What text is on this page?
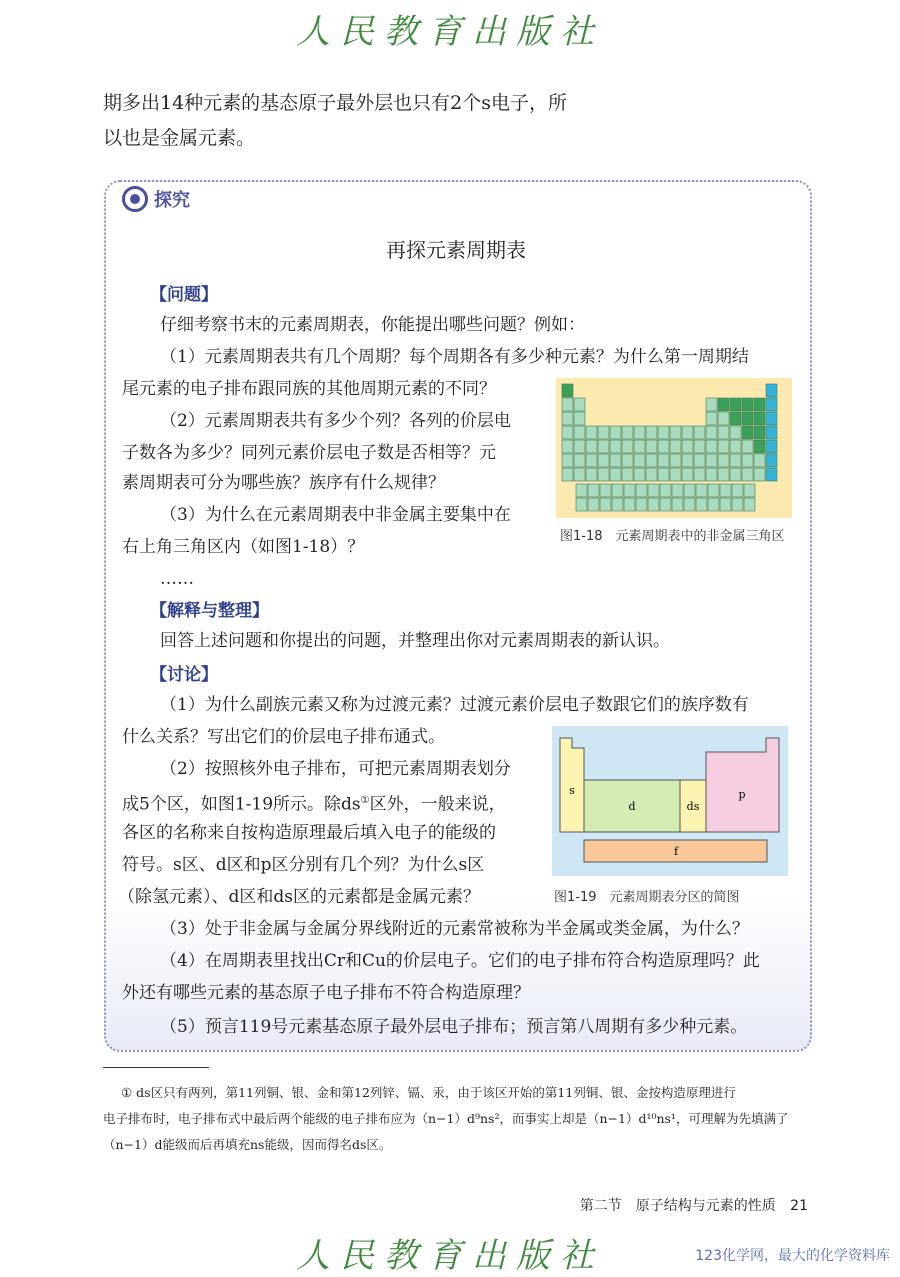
人民教育出版社
期多出14种元素的基态原子最外层也只有2个s电子，所
以也是金属元素。
探究
再探元素周期表
【问题】
仔细考察书末的元素周期表，你能提出哪些问题？例如：
（1）元素周期表共有几个周期？每个周期各有多少种元素？为什么第一周期结
尾元素的电子排布跟同族的其他周期元素的不同？
（2）元素周期表共有多少个列？各列的价层电
子数各为多少？同列元素价层电子数是否相等？元
素周期表可分为哪些族？族序有什么规律？
（3）为什么在元素周期表中非金属主要集中在
右上角三角区内（如图1-18）？
……
图1-18　元素周期表中的非金属三角区
【解释与整理】
回答上述问题和你提出的问题，并整理出你对元素周期表的新认识。
【讨论】
（1）为什么副族元素又称为过渡元素？过渡元素价层电子数跟它们的族序数有
什么关系？写出它们的价层电子排布通式。
（2）按照核外电子排布，可把元素周期表划分
成5个区，如图1-19所示。除ds①区外，一般来说，
各区的名称来自按构造原理最后填入电子的能级的
符号。s区、d区和p区分别有几个列？为什么s区
（除氢元素）、d区和ds区的元素都是金属元素？
s
d	ds
p
f
图1-19　元素周期表分区的简图
（3）处于非金属与金属分界线附近的元素常被称为半金属或类金属，为什么？
（4）在周期表里找出Cr和Cu的价层电子。它们的电子排布符合构造原理吗？此
外还有哪些元素的基态原子电子排布不符合构造原理？
（5）预言119号元素基态原子最外层电子排布；预言第八周期有多少种元素。
① ds区只有两列，第11列铜、银、金和第12列锌、镉、汞，由于该区开始的第11列铜、银、金按构造原理进行
电子排布时，电子排布式中最后两个能级的电子排布应为（n−1）d⁹ns²，而事实上却是（n−1）d¹⁰ns¹，可理解为先填满了
（n−1）d能级而后再填充ns能级，因而得名ds区。
第二节　原子结构与元素的性质 21
人民教育出版社	123化学网，最大的化学资料库
